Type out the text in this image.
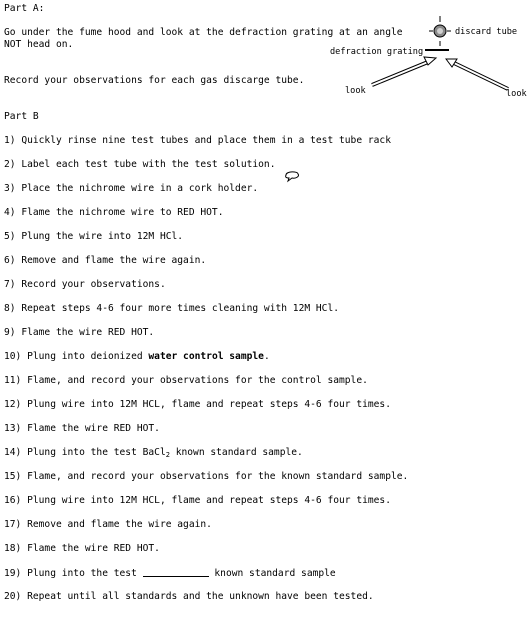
Part A:
Go under the fume hood and look at the defraction grating at an angle
NOT head on.
Record your observations for each gas discarge tube.
discard tube
defraction grating
look	look
Part B
1) Quickly rinse nine test tubes and place them in a test tube rack
2) Label each test tube with the test solution.
3) Place the nichrome wire in a cork holder.
4) Flame the nichrome wire to RED HOT.
5) Plung the wire into 12M HCl.
6) Remove and flame the wire again.
7) Record your observations.
8) Repeat steps 4-6 four more times cleaning with 12M HCl.
9) Flame the wire RED HOT.
10) Plung into deionized water control sample.
11) Flame, and record your observations for the control sample.
12) Plung wire into 12M HCL, flame and repeat steps 4-6 four times.
13) Flame the wire RED HOT.
14) Plung into the test BaCl$_2$ known standard sample.
15) Flame, and record your observations for the known standard sample.
16) Plung wire into 12M HCL, flame and repeat steps 4-6 four times.
17) Remove and flame the wire again.
18) Flame the wire RED HOT.
19) Plung into the test	known standard sample
20) Repeat until all standards and the unknown have been tested.
